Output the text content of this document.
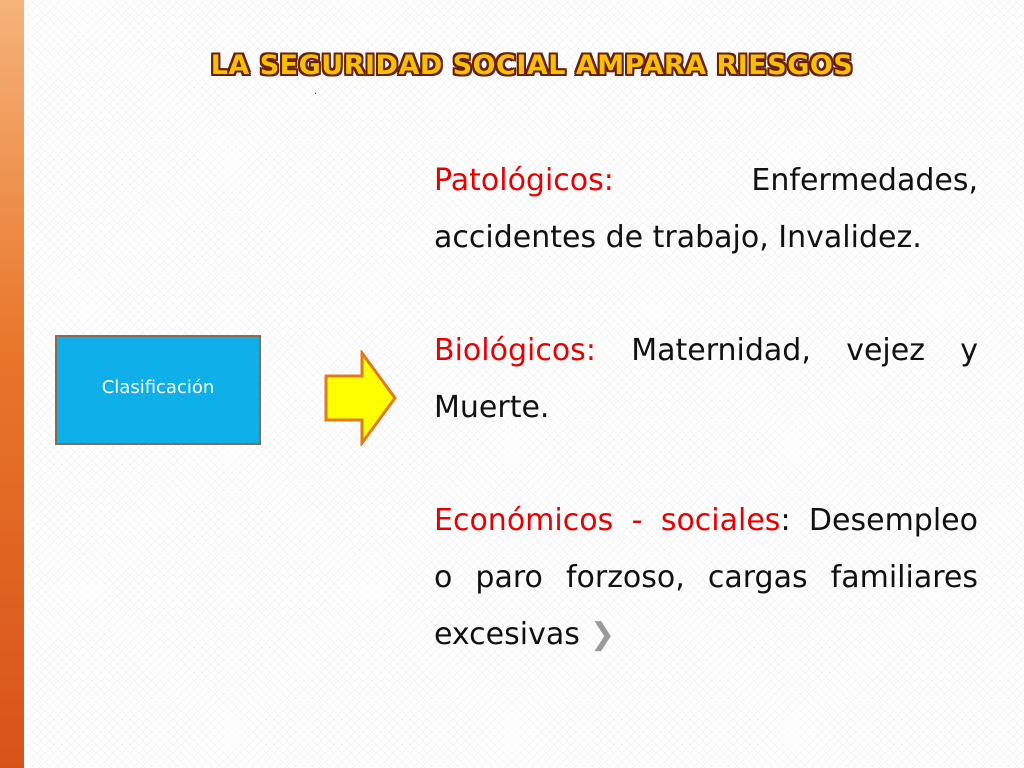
LA SEGURIDAD SOCIAL AMPARA RIESGOS
.
Clasificación

Patológicos: Enfermedades, accidentes de trabajo, Invalidez.

Biológicos: Maternidad, vejez y Muerte.

Económicos - sociales: Desempleo o paro forzoso, cargas familiares excesivas ❯
